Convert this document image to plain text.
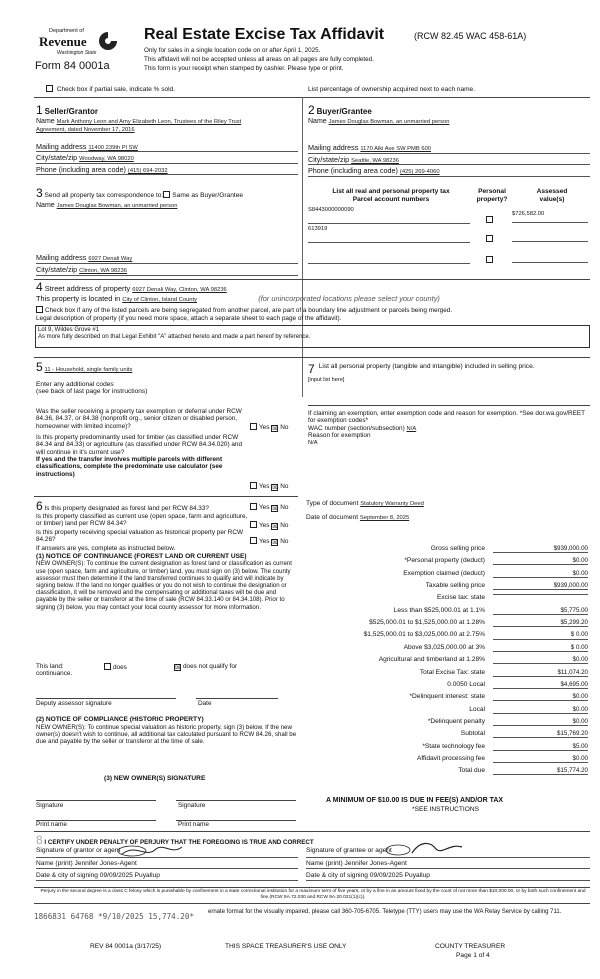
Department of
Revenue
Washington State
Form 84 0001a
Real Estate Excise Tax Affidavit	(RCW 82.45 WAC 458-61A)
Only for sales in a single location code on or after April 1, 2025.
This affidavit will not be accepted unless all areas on all pages are fully completed.
This form is your receipt when stamped by cashier. Please type or print.
Check box if partial sale, indicate % sold.	List percentage of ownership acquired next to each name.
1 Seller/Grantor
Name Mark Anthony Leon and Amy Elizabeth Leon, Trustees of the Riley Trust
Agreement, dated November 17, 2016
Mailing address 11400 239th Pl SW
City/state/zip Woodway, WA 98020
Phone (including area code) (415) 694-2032
2 Buyer/Grantee
Name James Douglas Bowman, an unmarried person
Mailing address 1170 Alki Ave SW PMB 600
City/state/zip Seattle, WA 98236
Phone (including area code) (425) 269-4060
3 Send all property tax correspondence to: Same as Buyer/Grantee
Name James Douglas Bowman, an unmarried person
Mailing address 6927 Denali Way
City/state/zip Clinton, WA 98236
List all real and personal property tax
Parcel account numbers
Personal
property?
Assessed
value(s)
S8443000000090
$726,582.00
613919
4 Street address of property 6927 Denali Way, Clinton, WA 98236
This property is located in City of Clinton, Island County	(for unincorporated locations please select your county)
Check box if any of the listed parcels are being segregated from another parcel, are part of a boundary line adjustment or parcels being merged.
Legal description of property (if you need more space, attach a separate sheet to each page of the affidavit).
Lot 9, Wildes Grove #1
As more fully described on that Legal Exhibit "A" attached hereto and made a part hereof by reference.
5 11 - Household, single family units
Enter any additional codes
(see back of last page for instructions)
Was the seller receiving a property tax exemption or deferral under RCW 84.36, 84.37, or 84.38 (nonprofit org., senior citizen or disabled person, homeowner with limited income)?	Yes ☒ No
Is this property predominantly used for timber (as classified under RCW 84.34 and 84.33) or agriculture (as classified under RCW 84.34.020) and will continue in it's current use?
If yes and the transfer involves multiple parcels with different classifications, complete the predominate use calculator (see instructions)
Yes ☒ No
7 List all personal property (tangible and intangible) included in selling price.
[input list here]
If claiming an exemption, enter exemption code and reason for exemption. *See dor.wa.gov/REET for exemption codes*
WAC number (section/subsection) N/A
Reason for exemption
N/A
6 Is this property designated as forest land per RCW 84.33?	Yes ☒ No
Is this property classified as current use (open space, farm and agriculture, or timber) land per RCW 84.34?	Yes ☒ No
Is this property receiving special valuation as historical property per RCW 84.26?	Yes ☒ No
If answers are yes, complete as instructed below.
(1) NOTICE OF CONTINUANCE (FOREST LAND OR CURRENT USE)
NEW OWNER(S): To continue the current designation as forest land or classification as current use (open space, farm and agriculture, or timber) land, you must sign on (3) below. The county assessor must then determine if the land transferred continues to qualify and will indicate by signing below. If the land no longer qualifies or you do not wish to continue the designation or classification, it will be removed and the compensating or additional taxes will be due and payable by the seller or transferor at the time of sale (RCW 84.33.140 or 84.34.108). Prior to signing (3) below, you may contact your local county assessor for more information.
This land:	does	☒ does not qualify for
continuance.
Deputy assessor signature	Date
(2) NOTICE OF COMPLIANCE (HISTORIC PROPERTY)
NEW OWNER(S): To continue special valuation as historic property, sign (3) below. If the new owner(s) doesn't wish to continue, all additional tax calculated pursuant to RCW 84.26, shall be due and payable by the seller or transferor at the time of sale.
(3) NEW OWNER(S) SIGNATURE
Signature	Signature
Print name	Print name
Type of document Statutory Warranty Deed
Date of document September 8, 2025
Gross selling price	$939,000.00
*Personal property (deduct)	$0.00
Exemption claimed (deduct)	$0.00
Taxable selling price	$939,000.00
Excise tax: state
Less than $525,000.01 at 1.1%	$5,775.00
$525,000.01 to $1,525,000.00 at 1.28%	$5,299.20
$1,525,000.01 to $3,025,000.00 at 2.75%	$ 0.00
Above $3,025,000.00 at 3%	$ 0.00
Agricultural and timberland at 1.28%	$0.00
Total Excise Tax: state	$11,074.20
0.0050 Local	$4,695.00
*Delinquent interest: state	$0.00
Local	$0.00
*Delinquent penalty	$0.00
Subtotal	$15,769.20
*State technology fee	$5.00
Affidavit processing fee	$0.00
Total due	$15,774.20
A MINIMUM OF $10.00 IS DUE IN FEE(S) AND/OR TAX
*SEE INSTRUCTIONS
8 I CERTIFY UNDER PENALTY OF PERJURY THAT THE FOREGOING IS TRUE AND CORRECT
Signature of grantor or agent
Name (print) Jennifer Jones-Agent
Date & city of signing 09/09/2025 Puyallup
Signature of grantee or agent
Name (print) Jennifer Jones-Agent
Date & city of signing 09/09/2025 Puyallup
Perjury in the second degree is a class C felony which is punishable by confinement in a state correctional institution for a maximum term of five years, or by a fine in an amount fixed by the court of not more than $10,000.00, or by both such confinement and fine (RCW 9A.72.030 and RCW 9A.20.021(1)(c)).
1866831 64768 *9/10/2025 15,774.20* ernate format for the visually impaired, please call 360-705-6705. Teletype (TTY) users may use the WA Relay Service by calling 711.
REV 84 0001a (3/17/25)	THIS SPACE TREASURER'S USE ONLY	COUNTY TREASURER
Page 1 of 4
